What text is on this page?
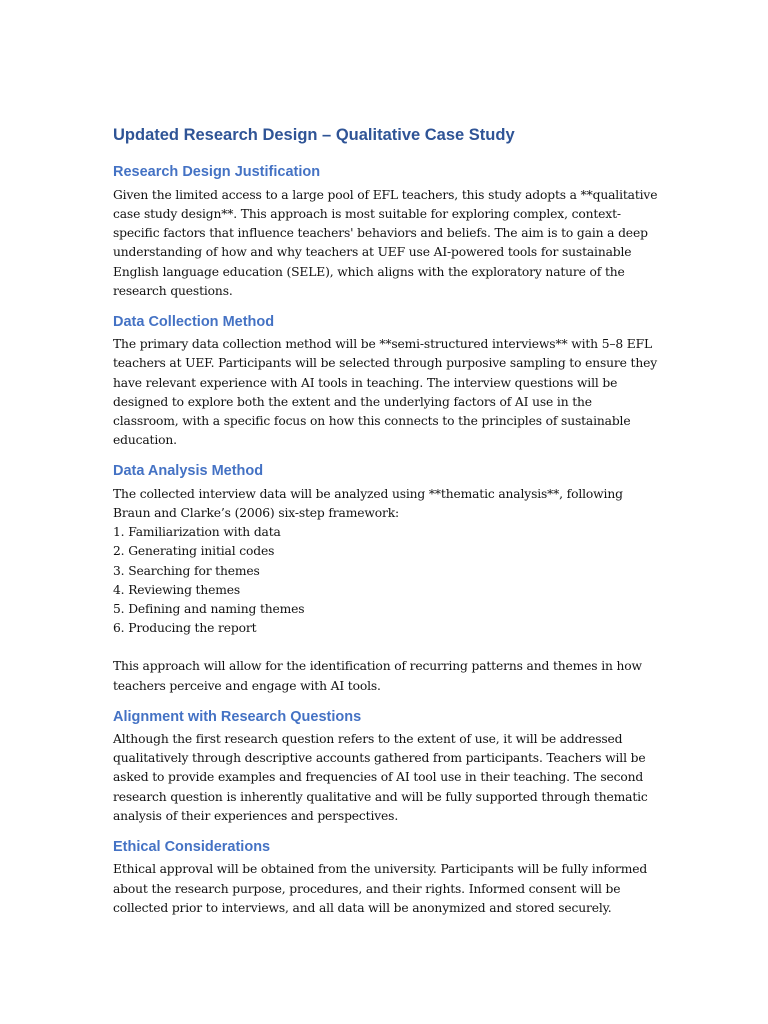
Updated Research Design – Qualitative Case Study
Research Design Justification

Given the limited access to a large pool of EFL teachers, this study adopts a **qualitative case study design**. This approach is most suitable for exploring complex, context-specific factors that influence teachers' behaviors and beliefs. The aim is to gain a deep understanding of how and why teachers at UEF use AI-powered tools for sustainable English language education (SELE), which aligns with the exploratory nature of the research questions.

Data Collection Method

The primary data collection method will be **semi-structured interviews** with 5–8 EFL teachers at UEF. Participants will be selected through purposive sampling to ensure they have relevant experience with AI tools in teaching. The interview questions will be designed to explore both the extent and the underlying factors of AI use in the classroom, with a specific focus on how this connects to the principles of sustainable education.

Data Analysis Method

The collected interview data will be analyzed using **thematic analysis**, following Braun and Clarke’s (2006) six-step framework:

1. Familiarization with data
2. Generating initial codes
3. Searching for themes
4. Reviewing themes
5. Defining and naming themes
6. Producing the report

This approach will allow for the identification of recurring patterns and themes in how teachers perceive and engage with AI tools.

Alignment with Research Questions

Although the first research question refers to the extent of use, it will be addressed qualitatively through descriptive accounts gathered from participants. Teachers will be asked to provide examples and frequencies of AI tool use in their teaching. The second research question is inherently qualitative and will be fully supported through thematic analysis of their experiences and perspectives.

Ethical Considerations

Ethical approval will be obtained from the university. Participants will be fully informed about the research purpose, procedures, and their rights. Informed consent will be collected prior to interviews, and all data will be anonymized and stored securely.
